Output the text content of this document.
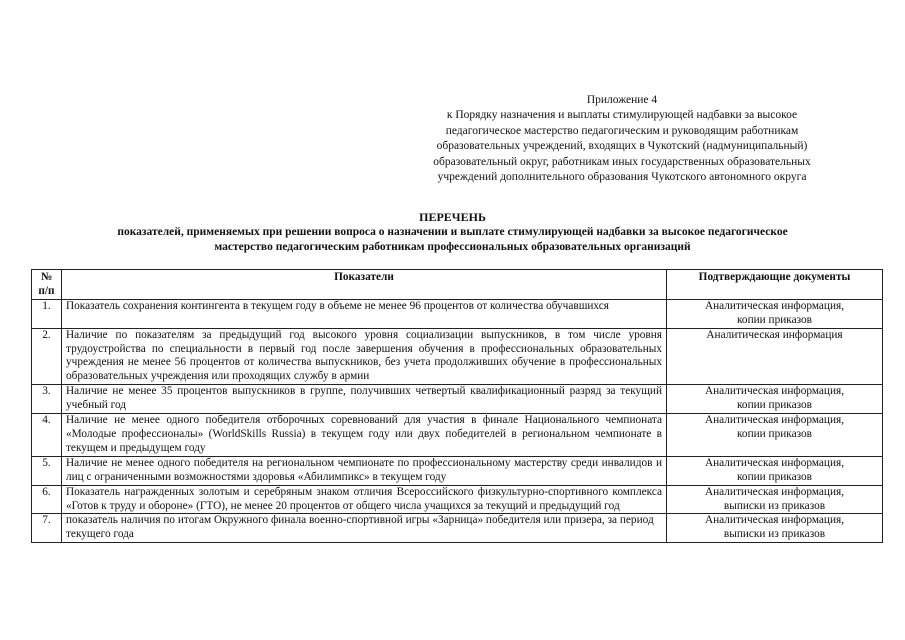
Приложение 4
к Порядку назначения и выплаты стимулирующей надбавки за высокое
педагогическое мастерство педагогическим и руководящим работникам
образовательных учреждений, входящих в Чукотский (надмуниципальный)
образовательный округ, работникам иных государственных образовательных
учреждений дополнительного образования Чукотского автономного округа
ПЕРЕЧЕНЬ
показателей, применяемых при решении вопроса о назначении и выплате стимулирующей надбавки за высокое педагогическое
мастерство педагогическим работникам профессиональных образовательных организаций
№
п/п	Показатели	Подтверждающие документы
1.	Показатель сохранения контингента в текущем году в объеме не менее 96 процентов от количества обучавшихся	Аналитическая информация,
копии приказов

2.	Наличие по показателям за предыдущий год высокого уровня социализации выпускников, в том числе уровня трудоустройства по специальности в первый год после завершения обучения в профессиональных образовательных учреждения не менее 56 процентов от количества выпускников, без учета продолживших обучение в профессиональных образовательных учреждения или проходящих службу в армии	Аналитическая информация

3.	Наличие не менее 35 процентов выпускников в группе, получивших четвертый квалификационный разряд за текущий учебный год	Аналитическая информация,
копии приказов

4.	Наличие не менее одного победителя отборочных соревнований для участия в финале Национального чемпионата «Молодые профессионалы» (WorldSkills Russia) в текущем году или двух победителей в региональном чемпионате в текущем и предыдущем году	Аналитическая информация,
копии приказов

5.	Наличие не менее одного победителя на региональном чемпионате по профессиональному мастерству среди инвалидов и лиц с ограниченными возможностями здоровья «Абилимпикс» в текущем году	Аналитическая информация,
копии приказов

6.	Показатель награжденных золотым и серебряным знаком отличия Всероссийского физкультурно-спортивного комплекса «Готов к труду и обороне» (ГТО), не менее 20 процентов от общего числа учащихся за текущий и предыдущий год	Аналитическая информация,
выписки из приказов

7.	показатель наличия по итогам Окружного финала военно-спортивной игры «Зарница» победителя или призера, за период текущего года	Аналитическая информация,
выписки из приказов
